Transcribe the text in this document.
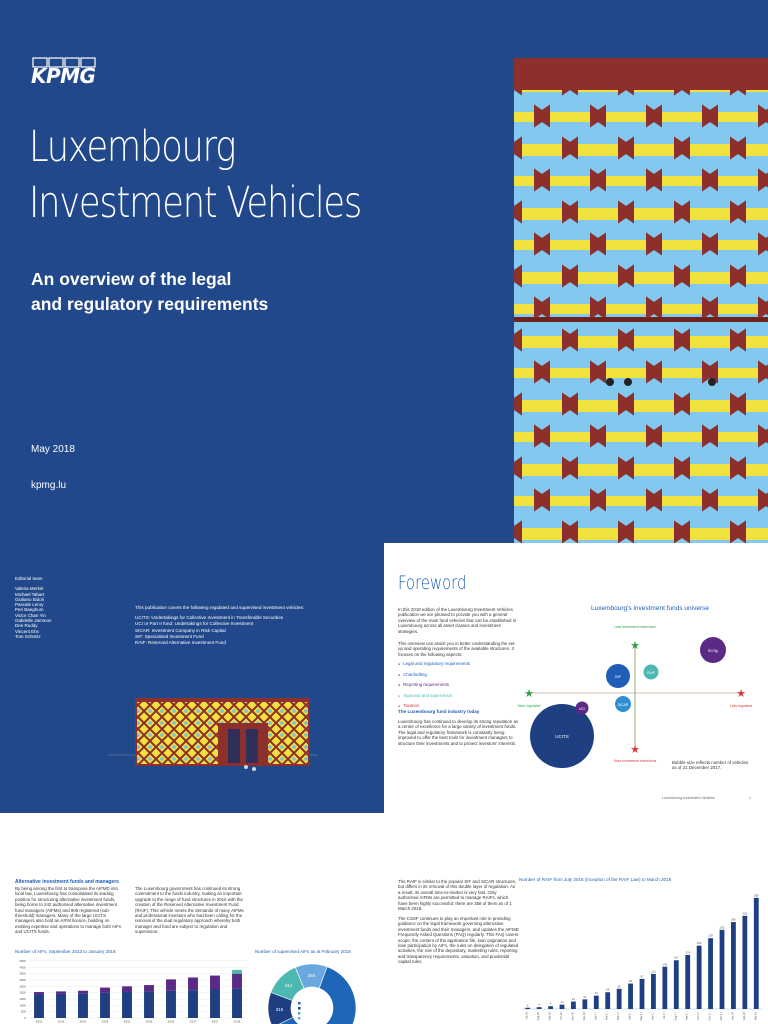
KPMG
Luxembourg
Investment Vehicles
An overview of the legal
and regulatory requirements
May 2018
kpmg.lu
Editorial team
Valeria Merkel
Michael Tabart
Giuliano Bidoli
Pascale Leroy
Peri Baeghum
Victor Chan Yin
Gabrielle Jammon
Dee Ruddy
Vincent Ehx
Tom Schmitz
This publication covers the following regulated and supervised investment vehicles:
UCITS: Undertakings for Collective Investment in Transferable Securities
UCI or Part II fund: Undertakings for Collective Investment
SICAR: Investment Company in Risk Capital
SIF: Specialised Investment Fund
RAIF: Reserved Alternative Investment Fund
Foreword
In this 2018 edition of the Luxembourg Investment Vehicles publication we are pleased to provide you with a general overview of the main fund vehicles that can be established in Luxembourg across all asset classes and investment strategies.
This overview can assist you in better understanding the set-up and operating requirements of the available structures. It focuses on the following aspects:
● Legal and regulatory requirements
● Chanfodting
● Reporting requirements
● Approval and supervision
● Taxation
The Luxembourg fund industry today
Luxembourg has continued to develop its strong reputation as a centre of excellence for a large variety of investment funds. The legal and regulatory framework is constantly being improved to offer the best tools for investment managers to structure their investments and to protect investors' interests.
Luxembourg's investment funds universe
★
★	★
★
Less investment restrictions
More investment restrictions
More regulated	Less regulated
UCITS
UCI
SIF
SICAR
RAIF
SCSp
Bubble size reflects number of vehicles as of 31 December 2017.
Luxembourg Investment Vehicles	1
Alternative investment funds and managers
By being among the first to transpose the AIFMD into local law, Luxembourg has consolidated its leading position for structuring alternative investment funds, being home to 242 authorised alternative investment fund managers (AIFMs) and 905 registered (sub-threshold) managers. Many of the large UCITS managers also hold an AIFM licence, building on existing expertise and operations to manage both AIFs and UCITS funds.
The Luxembourg government has continued its strong commitment to the funds industry, making an important upgrade to the range of fund structures in 2016 with the creation of the Reserved Alternative Investment Fund (RAIF). This vehicle meets the demands of many AIFMs and professional investors who had been calling for the removal of the dual regulatory approach whereby both manager and fund are subject to regulation and supervision.
Number of AIFs, September 2013 to January 2018
0
500
1000
1500
2000
2500
3000
3500
4000
4500
09/13	03/14	09/14	03/15	09/15	03/16	09/16	03/17	09/17	01/18
Number of supervised AIFs as at February 2018
315
314
284
Part II
SIFs
SICARs
RAIFs
The RAIF is similar to the popular SIF and SICAR structures, but differs in its removal of this double layer of regulation. As a result, its overall time-to-market is very fast. Only authorised AIFMs are permitted to manage RAIFs, which have been highly successful: there are 358 of them as of 1 March 2018.
The CSSF continues to play an important role in providing guidance on the legal framework governing alternative investment funds and their managers, and updates the AIFMD Frequently Asked Questions (FAQ) regularly. This FAQ covers scope, the content of the application file, loan origination and loan participation by AIFs, the rules on delegation of regulated activities, the role of the depositary, marketing rules, reporting and transparency requirements, valuation, and prudential capital rules.
Number of RAIF from July 2016 (inception of the RAIF Law) to March 2018
4
Jul-16
6
Aug-16
9
Sep-16
14
Oct-16
24
Nov-16
31
Dec-16
43
Jan-17
54
Feb-17
65
Mar-17
82
Apr-17
97
May-17
113
Jun-17
136
Jul-17
157
Aug-17
174
Sep-17
204
Oct-17
228
Nov-17
255
Dec-17
280
Jan-18
300
Feb-18
358
Mar-18
